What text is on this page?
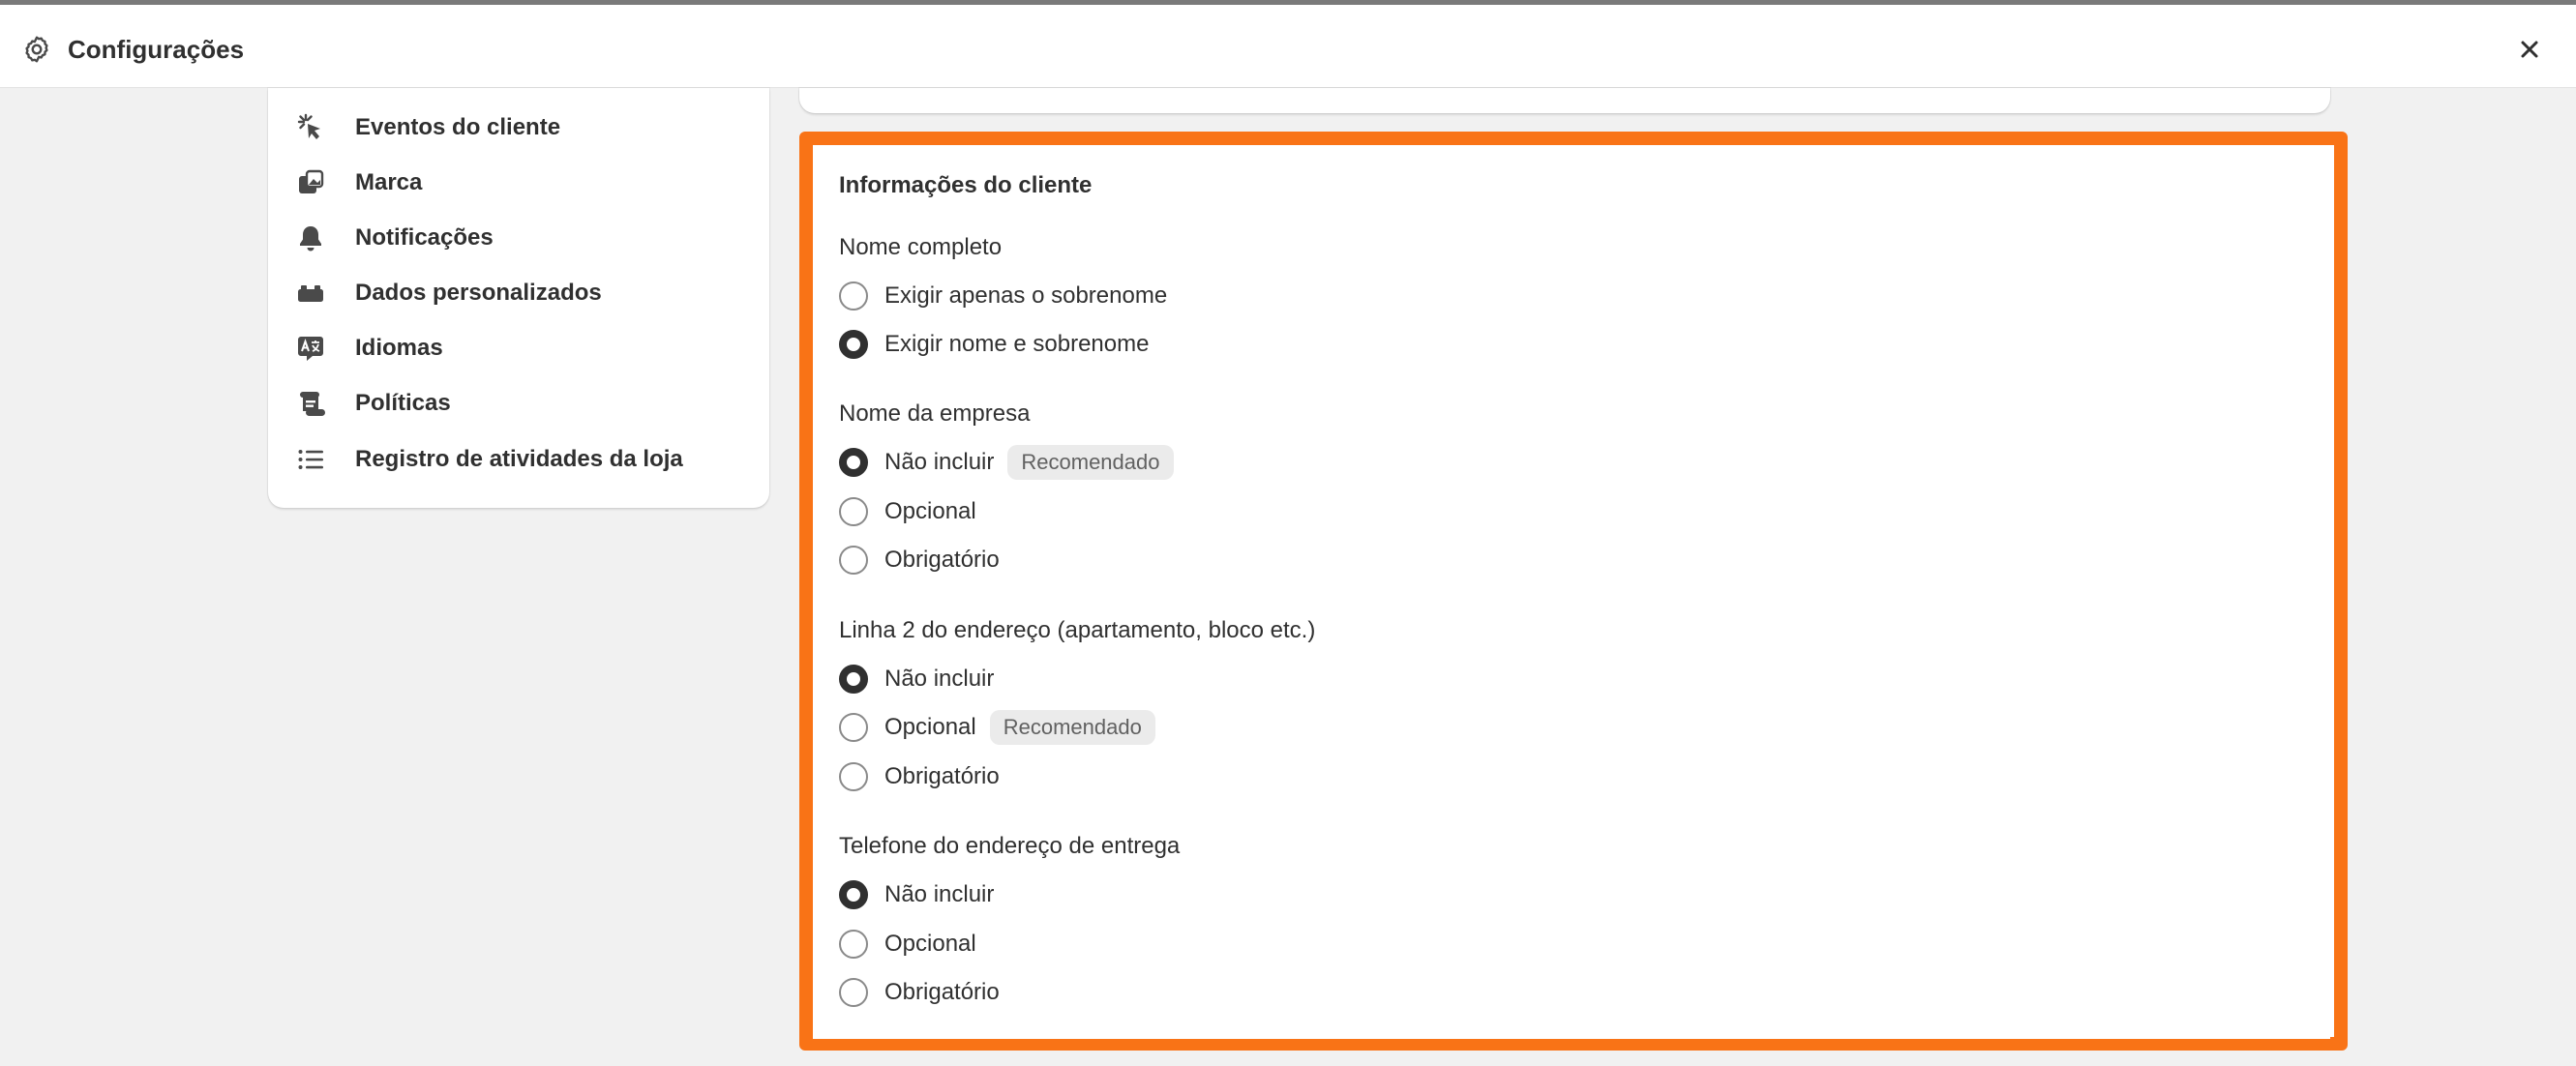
Configurações
Eventos do cliente
Marca
Notificações
Dados personalizados
Idiomas
Políticas
Registro de atividades da loja
Informações do cliente
Nome completo
Exigir apenas o sobrenome
Exigir nome e sobrenome
Nome da empresa
Não incluir	Recomendado
Opcional
Obrigatório
Linha 2 do endereço (apartamento, bloco etc.)
Não incluir
Opcional	Recomendado
Obrigatório
Telefone do endereço de entrega
Não incluir
Opcional
Obrigatório
